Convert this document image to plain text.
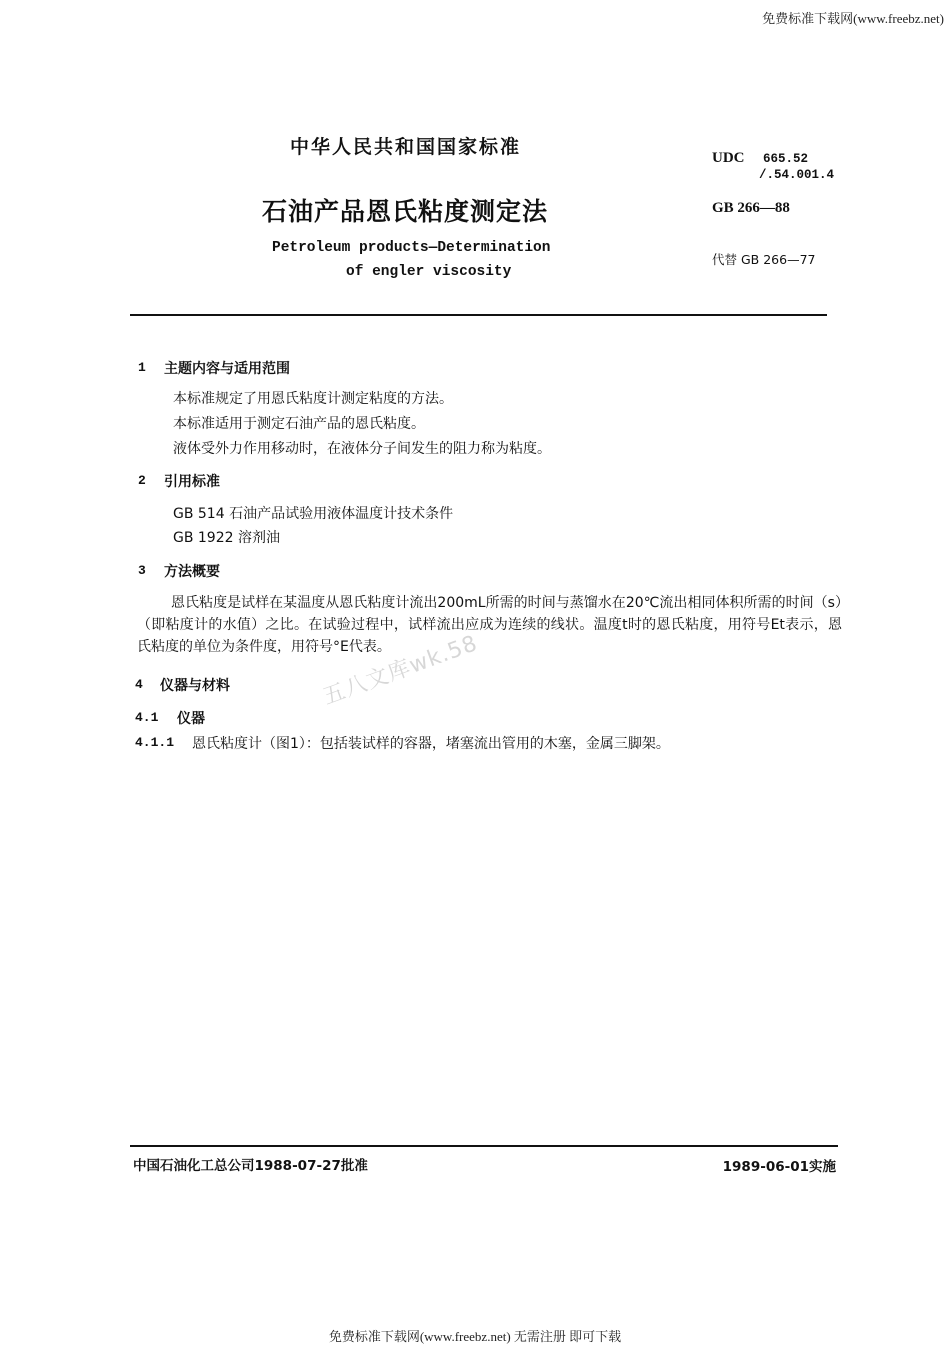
免费标准下载网(www.freebz.net)
中华人民共和国国家标准
石油产品恩氏粘度测定法
Petroleum products—Determination
of engler viscosity
UDC 665.52
/.54.001.4
GB 266—88
代替 GB 266—77
1 主题内容与适用范围
本标准规定了用恩氏粘度计测定粘度的方法。
本标准适用于测定石油产品的恩氏粘度。
液体受外力作用移动时，在液体分子间发生的阻力称为粘度。
2 引用标准
GB 514 石油产品试验用液体温度计技术条件
GB 1922 溶剂油
3 方法概要
恩氏粘度是试样在某温度从恩氏粘度计流出200mL所需的时间与蒸馏水在20℃流出相同体积所需的时间（s）（即粘度计的水值）之比。在试验过程中，试样流出应成为连续的线状。温度t时的恩氏粘度，用符号Et表示，恩氏粘度的单位为条件度，用符号°E代表。
4 仪器与材料
4.1 仪器
4.1.1 恩氏粘度计（图1）：包括装试样的容器，堵塞流出管用的木塞，金属三脚架。
五八文库wk.58
中国石油化工总公司1988-07-27批准	1989-06-01实施
免费标准下载网(www.freebz.net) 无需注册 即可下载
